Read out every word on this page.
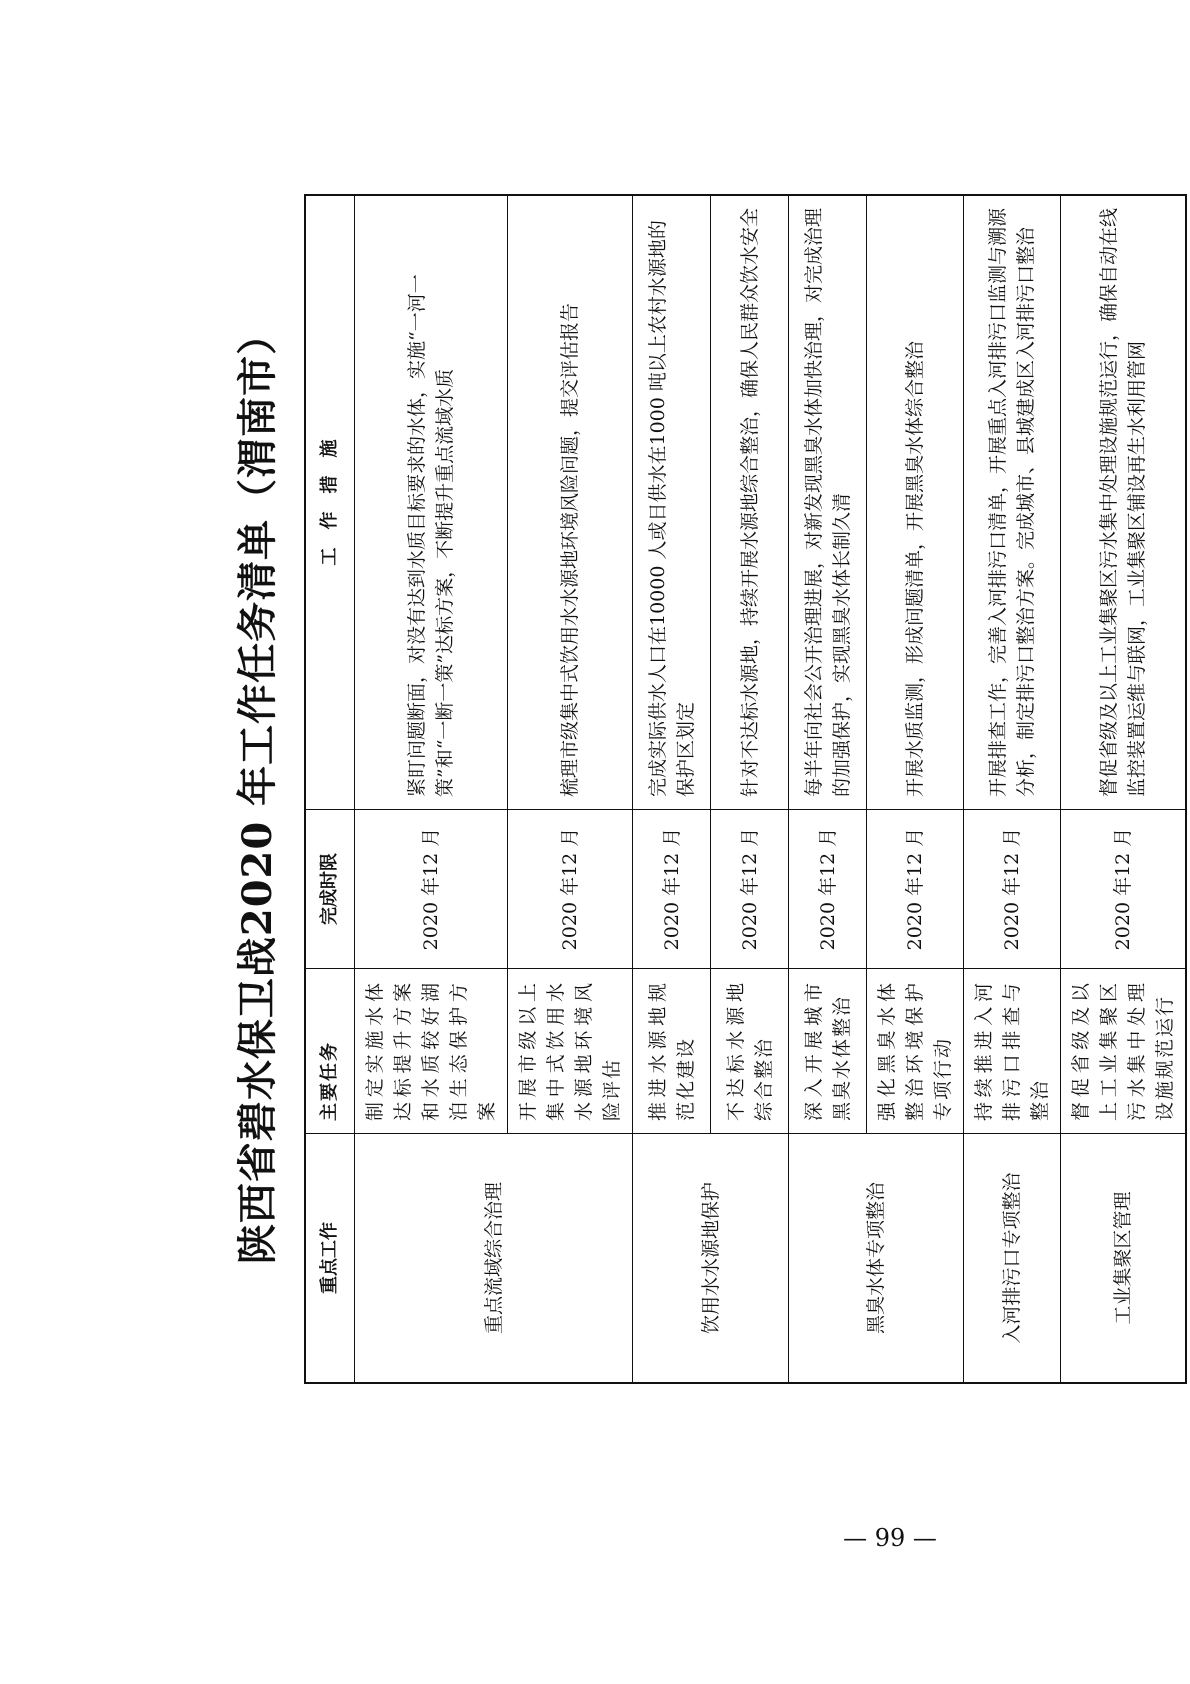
陕西省碧水保卫战2020 年工作任务清单（渭南市）	重点工作	主要任务	完成时限	工　作　措　施
重点流域综合治理	制定实施水体达标提升方案和水质较好湖泊生态保护方案	2020 年12 月	紧盯问题断面，对没有达到水质目标要求的水体，实施“一河一策”和“一断一策”达标方案，不断提升重点流域水质
	开展市级以上集中式饮用水水源地环境风险评估	2020 年12 月	梳理市级集中式饮用水水源地环境风险问题，提交评估报告
饮用水水源地保护	推进水源地规范化建设	2020 年12 月	完成实际供水人口在10000 人或日供水在1000 吨以上农村水源地的保护区划定
	不达标水源地综合整治	2020 年12 月	针对不达标水源地，持续开展水源地综合整治，确保人民群众饮水安全
黑臭水体专项整治	深入开展城市黑臭水体整治	2020 年12 月	每半年向社会公开治理进展，对新发现黑臭水体加快治理，对完成治理的加强保护，实现黑臭水体长制久清
	强化黑臭水体整治环境保护专项行动	2020 年12 月	开展水质监测，形成问题清单，开展黑臭水体综合整治
入河排污口专项整治	持续推进入河排污口排查与整治	2020 年12 月	开展排查工作，完善入河排污口清单，开展重点入河排污口监测与溯源分析，制定排污口整治方案。完成城市、县城建成区入河排污口整治
工业集聚区管理	督促省级及以上工业集聚区污水集中处理设施规范运行	2020 年12 月	督促省级及以上工业集聚区污水集中处理设施规范运行，确保自动在线监控装置运维与联网，工业集聚区铺设再生水利用管网
— 99 —
